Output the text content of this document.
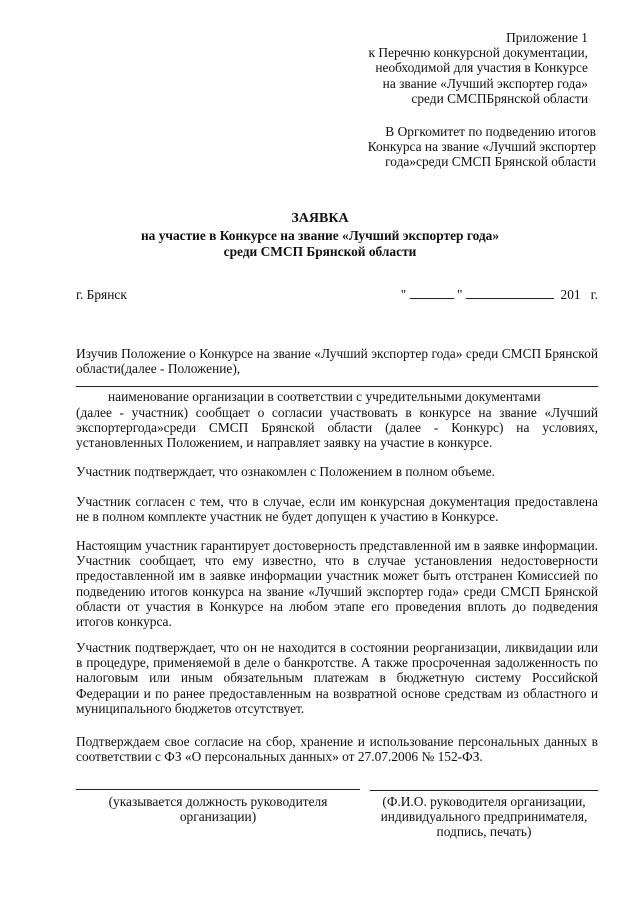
Приложение 1
к Перечню конкурсной документации,
необходимой для участия в Конкурсе
на звание «Лучший экспортер года»
среди СМСПБрянской области
В Оргкомитет по подведению итогов
Конкурса на звание «Лучший экспортер
года»среди СМСП Брянской области
ЗАЯВКА
на участие в Конкурсе на звание «Лучший экспортер года»
среди СМСП Брянской области
г. Брянск	"	"	201 г.
Изучив Положение о Конкурсе на звание «Лучший экспортер года» среди СМСП Брянской области(далее - Положение),
наименование организации в соответствии с учредительными документами
(далее - участник) сообщает о согласии участвовать в конкурсе на звание «Лучший экспортергода»среди СМСП Брянской области (далее - Конкурс) на условиях, установленных Положением, и направляет заявку на участие в конкурсе.
Участник подтверждает, что ознакомлен с Положением в полном объеме.
Участник согласен с тем, что в случае, если им конкурсная документация предоставлена не в полном комплекте участник не будет допущен к участию в Конкурсе.
Настоящим участник гарантирует достоверность представленной им в заявке информации. Участник сообщает, что ему известно, что в случае установления недостоверности предоставленной им в заявке информации участник может быть отстранен Комиссией по подведению итогов конкурса на звание «Лучший экспортер года» среди СМСП Брянской области от участия в Конкурсе на любом этапе его проведения вплоть до подведения итогов конкурса.
Участник подтверждает, что он не находится в состоянии реорганизации, ликвидации или в процедуре, применяемой в деле о банкротстве. А также просроченная задолженность по налоговым или иным обязательным платежам в бюджетную систему Российской Федерации и по ранее предоставленным на возвратной основе средствам из областного и муниципального бюджетов отсутствует.
Подтверждаем свое согласие на сбор, хранение и использование персональных данных в соответствии с ФЗ «О персональных данных» от 27.07.2006 № 152-ФЗ.
(указывается должность руководителя
организации)
(Ф.И.О. руководителя организации,
индивидуального предпринимателя,
подпись, печать)
